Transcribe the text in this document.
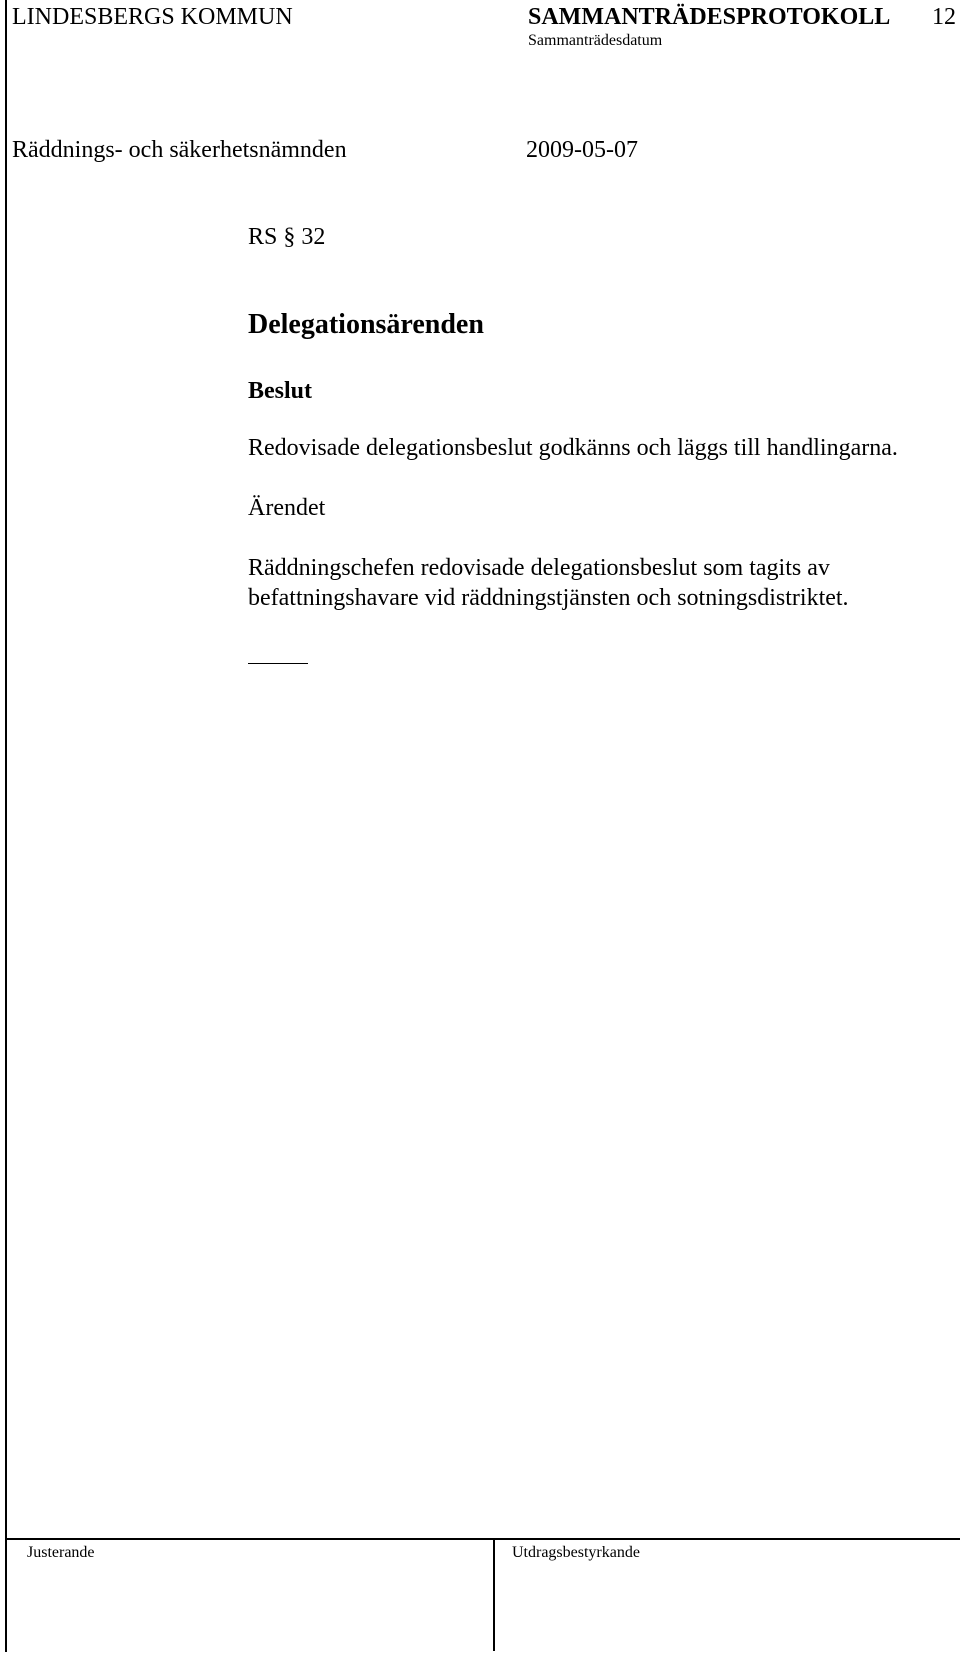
LINDESBERGS KOMMUN	SAMMANTRÄDESPROTOKOLL 12
Sammanträdesdatum
Räddnings- och säkerhetsnämnden	2009-05-07
RS § 32
Delegationsärenden
Beslut
Redovisade delegationsbeslut godkänns och läggs till handlingarna.
Ärendet
Räddningschefen redovisade delegationsbeslut som tagits av
befattningshavare vid räddningstjänsten och sotningsdistriktet.
Justerande	Utdragsbestyrkande
